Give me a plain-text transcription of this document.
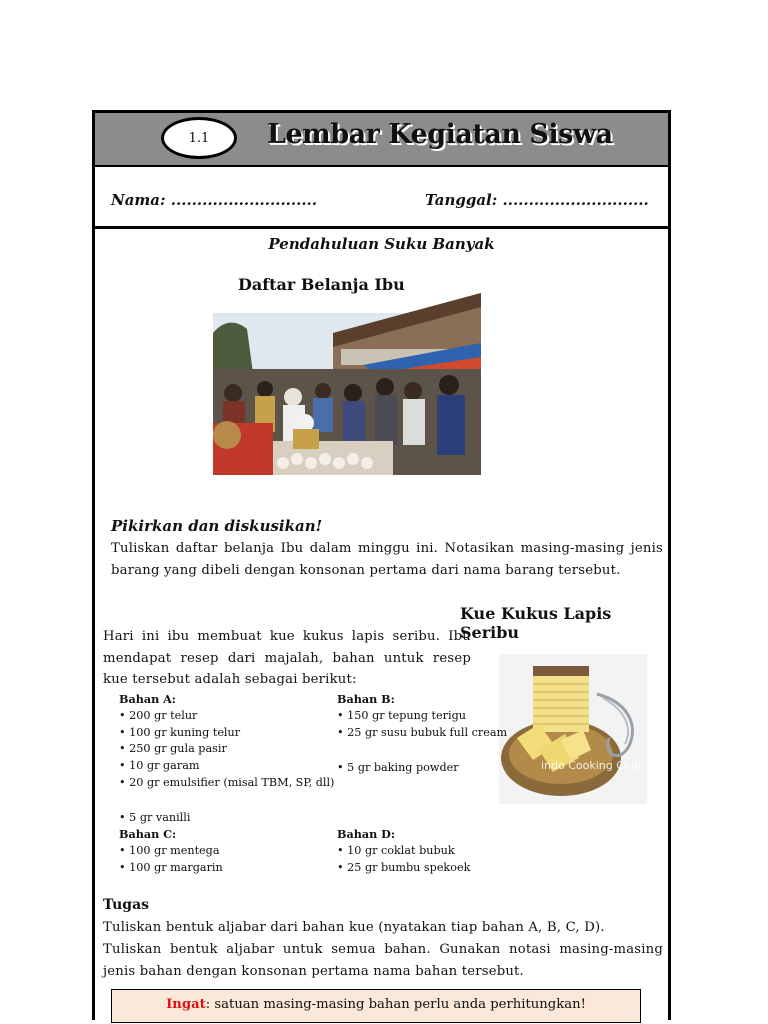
1.1	Lembar Kegiatan Siswa
Nama: ............................	Tanggal: ............................
Pendahuluan Suku Banyak
Daftar Belanja Ibu
Pikirkan dan diskusikan!
Tuliskan daftar belanja Ibu dalam minggu ini. Notasikan masing-masing jenis barang yang dibeli dengan konsonan pertama dari nama barang tersebut.
Kue Kukus Lapis Seribu
Hari ini ibu membuat kue kukus lapis seribu. Ibu mendapat resep dari majalah, bahan untuk resep kue tersebut adalah sebagai berikut:
indo Cooking Club
Bahan A:
• 200 gr telur
• 100 gr kuning telur
• 250 gr gula pasir
• 10 gr garam
• 20 gr emulsifier (misal TBM, SP, dll)
• 5 gr vanilli
Bahan B:
• 150 gr tepung terigu
• 25 gr susu bubuk full cream
• 5 gr baking powder
Bahan C:
• 100 gr mentega
• 100 gr margarin
Bahan D:
• 10 gr coklat bubuk
• 25 gr bumbu spekoek
Tugas
Tuliskan bentuk aljabar dari bahan kue (nyatakan tiap bahan A, B, C, D).
Tuliskan bentuk aljabar untuk semua bahan. Gunakan notasi masing-masing jenis bahan dengan konsonan pertama nama bahan tersebut.
Ingat: satuan masing-masing bahan perlu anda perhitungkan!
